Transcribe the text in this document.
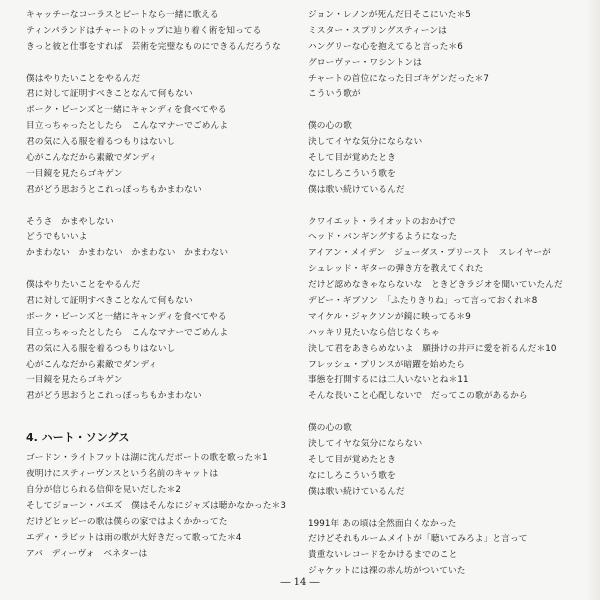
キャッチーなコーラスとビートなら一緒に歌える
ティンパランドはチャートのトップに辿り着く術を知ってる
きっと彼と仕事をすれば　芸術を完璧なものにできるんだろうな
僕はやりたいことをやるんだ
君に対して証明すべきことなんて何もない
ボーク・ビーンズと一緒にキャンディを食べてやる
目立っちゃったとしたら　こんなマナーでごめんよ
君の気に入る服を着るつもりはないし
心がこんなだから素敵でダンディ
一目鏡を見たらゴキゲン
君がどう思おうとこれっぽっちもかまわない
そうさ　かまやしない
どうでもいいよ
かまわない　かまわない　かまわない　かまわない
僕はやりたいことをやるんだ
君に対して証明すべきことなんて何もない
ボーク・ビーンズと一緒にキャンディを食べてやる
目立っちゃったとしたら　こんなマナーでごめんよ
君の気に入る服を着るつもりはないし
心がこんなだから素敵でダンディ
一目鏡を見たらゴキゲン
君がどう思おうとこれっぽっちもかまわない
4. ハート・ソングス
ゴードン・ライトフットは湖に沈んだボートの歌を歌った＊1
夜明けにスティーヴンスという名前のキャットは
自分が信じられる信仰を見いだした＊2
そしてジョーン・バエズ　僕はそんなにジャズは聴かなかった＊3
だけどヒッピーの歌は僕らの家ではよくかかってた
エディ・ラビットは雨の歌が大好きだって歌ってた＊4
アバ　ディーヴォ　ベネターは
ジョン・レノンが死んだ日そこにいた＊5
ミスター・スプリングスティーンは
ハングリーな心を抱えてると言った＊6
グローヴァー・ワシントンは
チャートの首位になった日ゴキゲンだった＊7
こういう歌が
僕の心の歌
決してイヤな気分にならない
そして目が覚めたとき
なにしろこういう歌を
僕は歌い続けているんだ
クワイエット・ライオットのおかげで
ヘッド・バンギングするようになった
アイアン・メイデン　ジューダス・プリースト　スレイヤーが
シュレッド・ギターの弾き方を教えてくれた
だけど認めなきゃならないな　ときどきラジオを聞いていたんだ
デビー・ギブソン　「ふたりきりね」って言っておくれ＊8
マイケル・ジャクソンが鏡に映ってる＊9
ハッキリ見たいなら信じなくちゃ
決して君をあきらめないよ　願掛けの井戸に愛を祈るんだ＊10
フレッシュ・プリンスが暗躍を始めたら
事態を打開するには二人いないとね＊11
そんな長いこと心配しないで　だってこの歌があるから
僕の心の歌
決してイヤな気分にならない
そして目が覚めたとき
なにしろこういう歌を
僕は歌い続けているんだ
1991年 あの頃は全然面白くなかった
だけどそれもルームメイトが「聴いてみろよ」と言って
貴重ないレコードをかけるまでのこと
ジャケットには裸の赤ん坊がついていた
― 14 ―
